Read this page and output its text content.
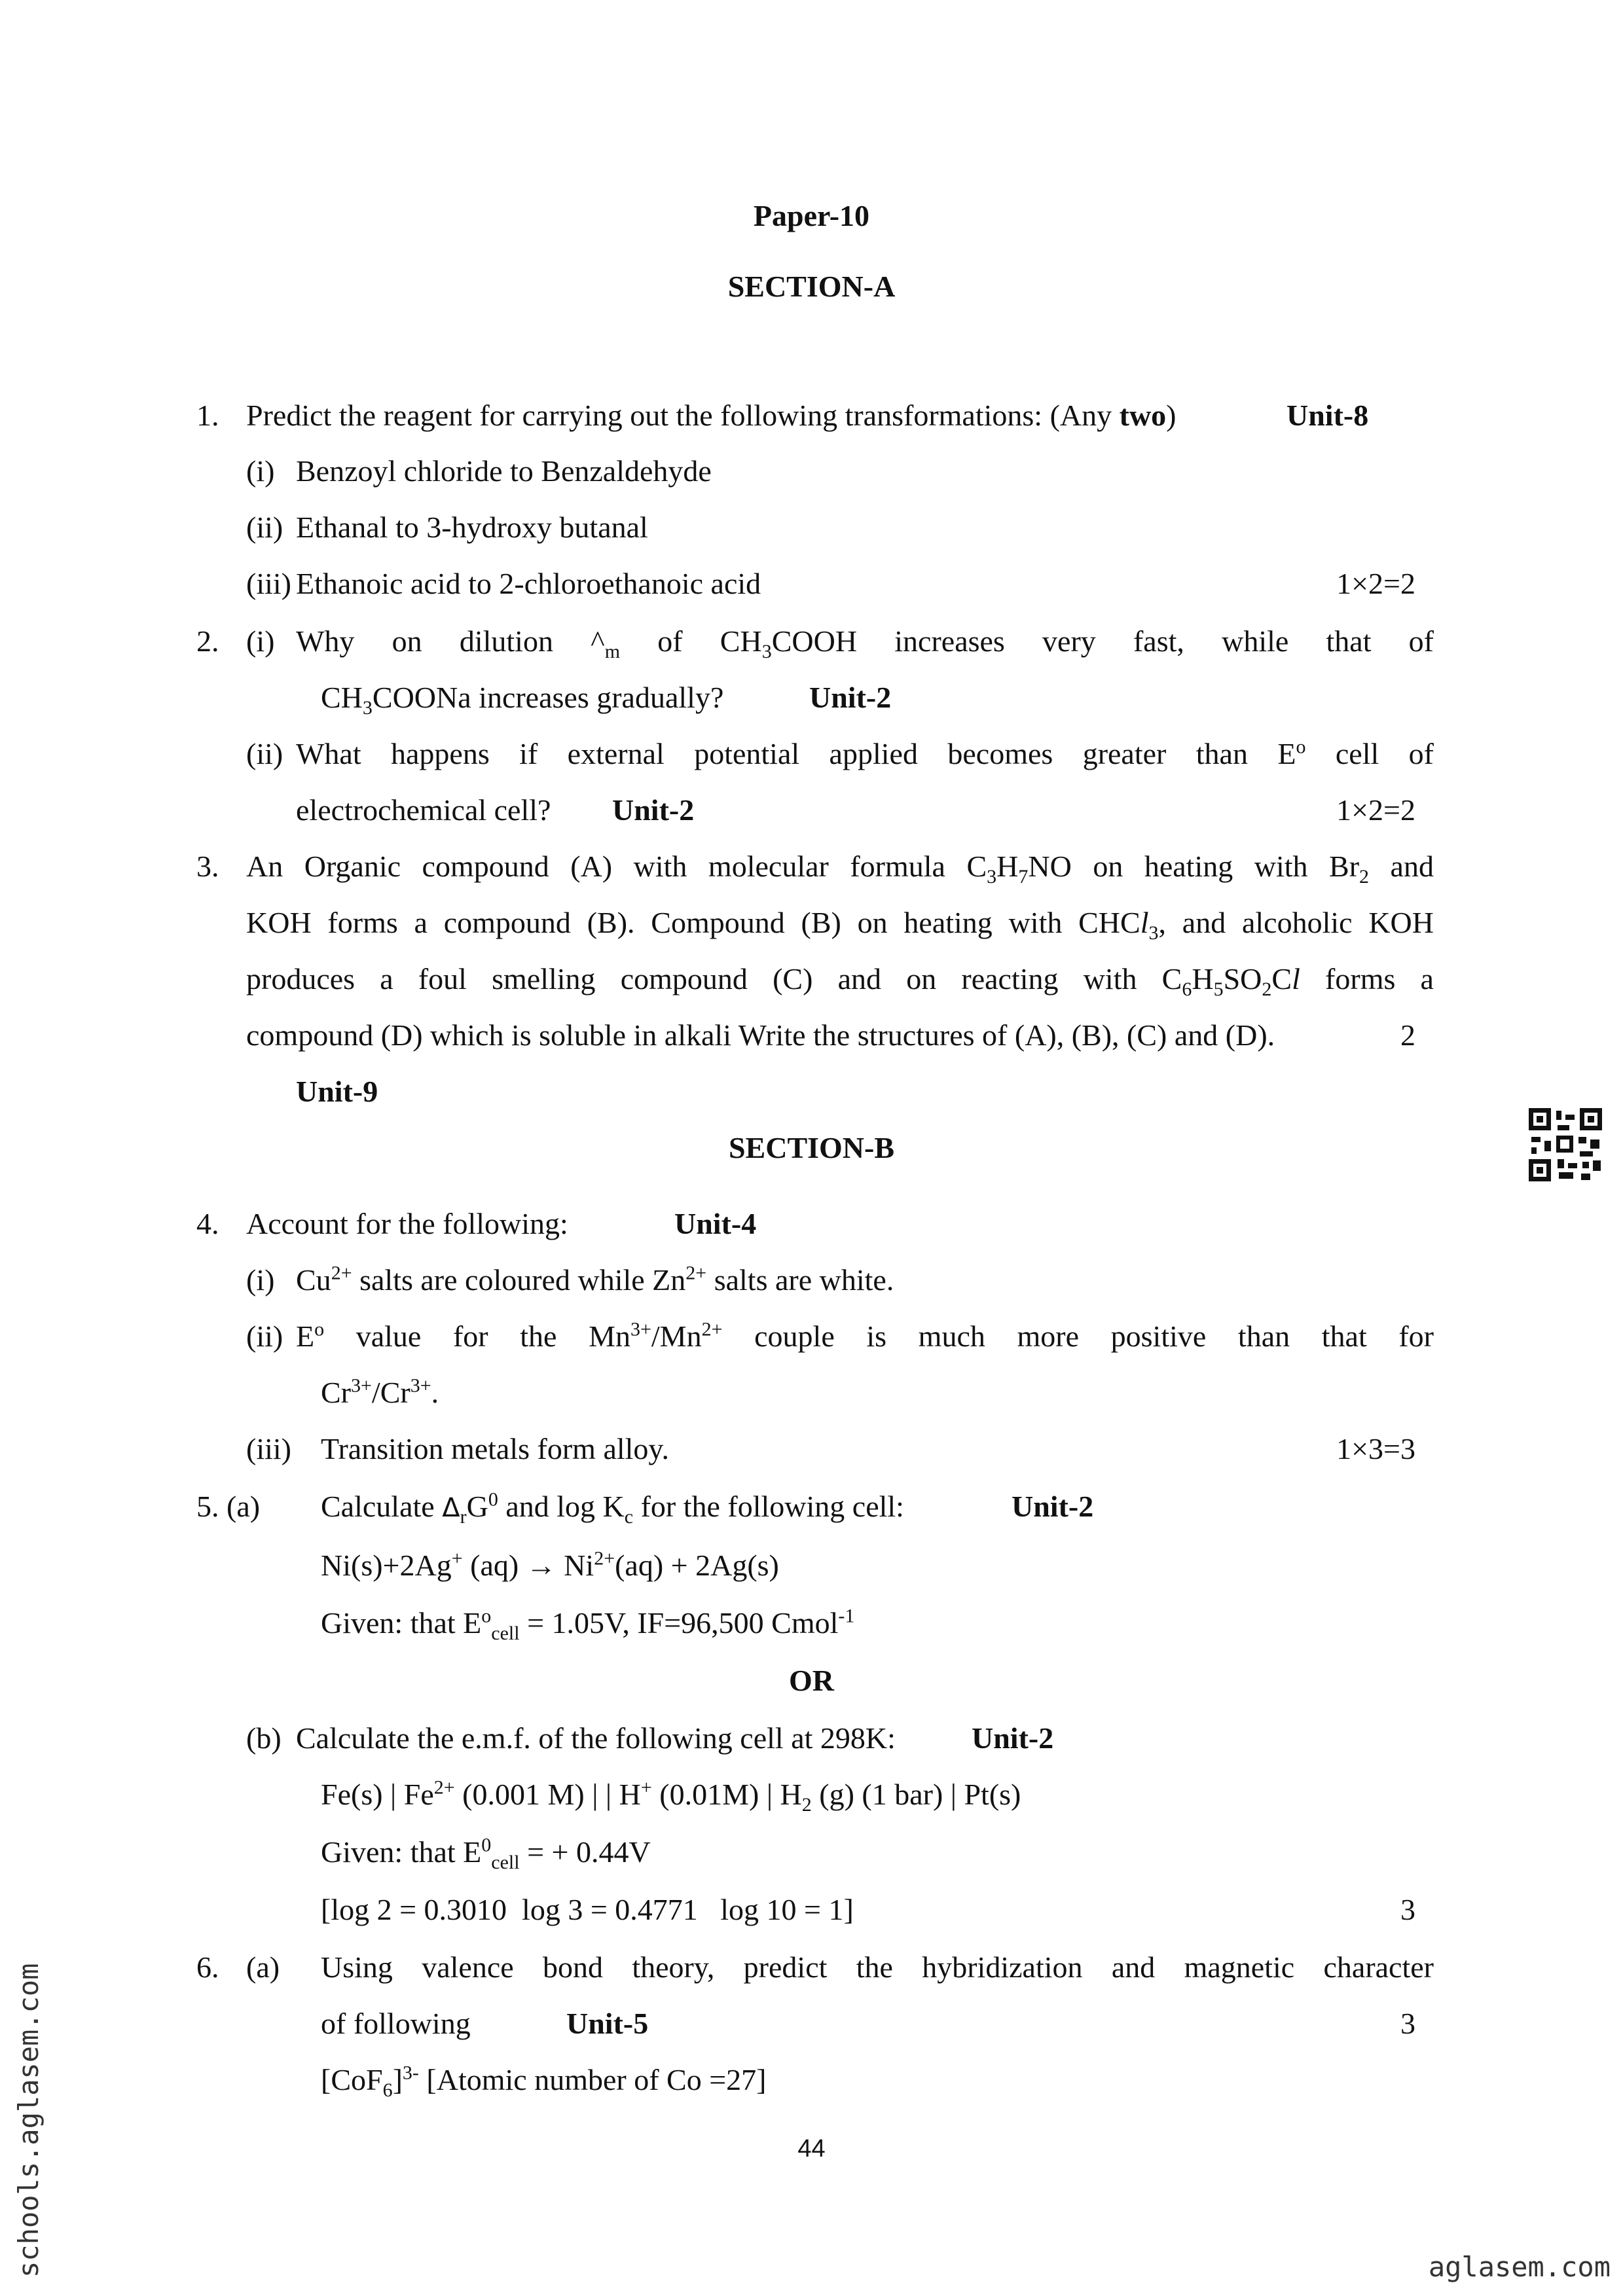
Paper-10
SECTION-A
1. Predict the reagent for carrying out the following transformations: (Any two)	Unit-8
(i) Benzoyl chloride to Benzaldehyde
(ii) Ethanal to 3-hydroxy butanal
(iii) Ethanoic acid to 2-chloroethanoic acid	1×2=2
2. (i) Why on dilution $\^{}_m$ of $CH_3COOH$ increases very fast, while that of
$CH_3COONa$ increases gradually?	Unit-2
(ii) What happens if external potential applied becomes greater than $E^o$ cell of
electrochemical cell? Unit-2	1×2=2
3. An Organic compound (A) with molecular formula $C_3H_7NO$ on heating with $Br_2$ and
KOH forms a compound (B). Compound (B) on heating with CHCl$_3$, and alcoholic KOH
produces a foul smelling compound (C) and on reacting with $C_6H_5SO_2Cl$ forms a
compound (D) which is soluble in alkali Write the structures of (A), (B), (C) and (D).	2
Unit-9
SECTION-B
4. Account for the following:	Unit-4
(i) $Cu^{2+}$ salts are coloured while $Zn^{2+}$ salts are white.
(ii) $E^o$ value for the $Mn^{3+}/Mn^{2+}$ couple is much more positive than that for
$Cr^{3+}/Cr^{3+}$.
(iii) Transition metals form alloy.	1×3=3
5. (a) Calculate $\Delta_rG^0$ and $\log K_c$ for the following cell:	Unit-2
Ni(s)+2Ag+ $(aq) \to Ni^{2+}(aq) + 2Ag(s)$
Given: that $E^o_{cell} = 1.05V$, IF=96,500 Cmol$^{-1}$
OR
(b) Calculate the e.m.f. of the following cell at 298K:	Unit-2
Fe(s) | $Fe^{2+}$ (0.001 M) | | H+ (0.01M) | $H_2$ (g) (1 bar) | Pt(s)
Given: that $E^0_{cell}$ = + 0.44V
[log 2 = 0.3010  log 3 = 0.4771   log 10 = 1]	3
6. (a) Using valence bond theory, predict the hybridization and magnetic character
of following	Unit-5	3
$[CoF_6]^{3-}$ [Atomic number of Co =27]
44
schools.aglasem.com	aglasem.com
